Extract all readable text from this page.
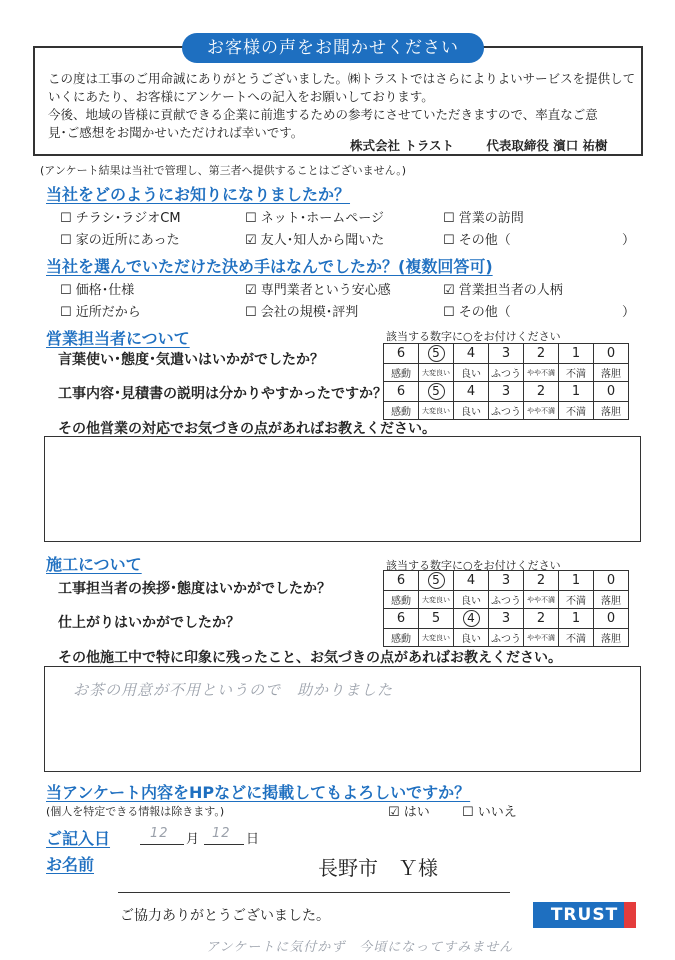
お客様の声をお聞かせください
この度は工事のご用命誠にありがとうございました。㈱トラストではさらによりよいサービスを提供して
いくにあたり、お客様にアンケートへの記入をお願いしております。
今後、地域の皆様に貢献できる企業に前進するための参考にさせていただきますので、率直なご意
見･ご感想をお聞かせいただければ幸いです。
株式会社 トラスト	代表取締役 濱口 祐樹
(アンケート結果は当社で管理し、第三者へ提供することはございません。)
当社をどのようにお知りになりましたか？
☐ チラシ･ラジオCM	☐ ネット･ホームページ	☐ 営業の訪問
☐ 家の近所にあった	☑ 友人･知人から聞いた	☐ その他（	）
当社を選んでいただけた決め手はなんでしたか？(複数回答可)
☐ 価格･仕様	☑ 専門業者という安心感	☑ 営業担当者の人柄
☐ 近所だから	☐ 会社の規模･評判	☐ その他（	）
営業担当者について	該当する数字に○をお付けください
言葉使い･態度･気遣いはいかがでしたか？
工事内容･見積書の説明は分かりやすかったですか？
6	5	4	3	2	1	0
感動	大変良い	良い	ふつう	やや不満	不満	落胆
6	5	4	3	2	1	0
感動	大変良い	良い	ふつう	やや不満	不満	落胆
その他営業の対応でお気づきの点があればお教えください。
施工について	該当する数字に○をお付けください
工事担当者の挨拶･態度はいかがでしたか？
仕上がりはいかがでしたか？
6	5	4	3	2	1	0
感動	大変良い	良い	ふつう	やや不満	不満	落胆
6	5	4	3	2	1	0
感動	大変良い	良い	ふつう	やや不満	不満	落胆
その他施工中で特に印象に残ったこと、お気づきの点があればお教えください。
お茶の用意が不用というので　助かりました
当アンケート内容をHPなどに掲載してもよろしいですか？
(個人を特定できる情報は除きます。)	☑ はい ☐ いいえ
ご記入日	12 月 12 日
お名前	長野市　Ｙ様
ご協力ありがとうございました。	TRUST
アンケートに気付かず　今頃になってすみません
